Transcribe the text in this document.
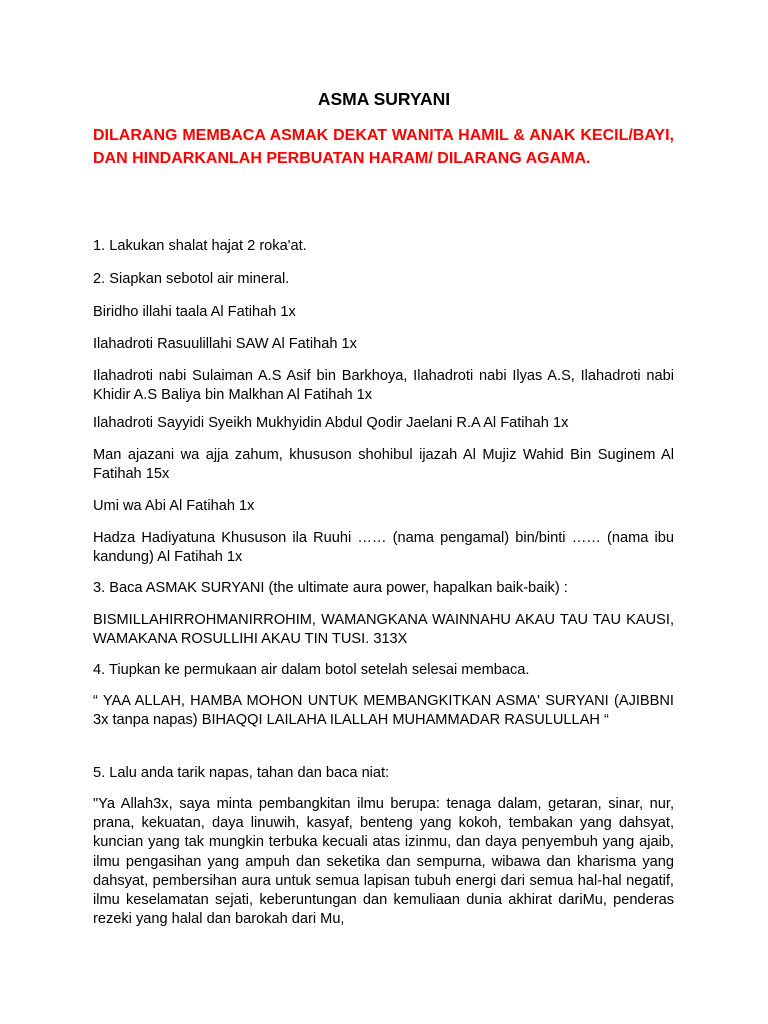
ASMA SURYANI
DILARANG MEMBACA ASMAK DEKAT WANITA HAMIL & ANAK KECIL/BAYI, DAN HINDARKANLAH PERBUATAN HARAM/ DILARANG AGAMA.
1. Lakukan shalat hajat 2 roka'at.
2. Siapkan sebotol air mineral.
Biridho illahi taala Al Fatihah 1x
Ilahadroti Rasuulillahi SAW Al Fatihah 1x
Ilahadroti nabi Sulaiman A.S Asif bin Barkhoya, Ilahadroti nabi Ilyas A.S, Ilahadroti nabi Khidir A.S Baliya bin Malkhan Al Fatihah 1x
Ilahadroti Sayyidi Syeikh Mukhyidin Abdul Qodir Jaelani R.A Al Fatihah 1x
Man ajazani wa ajja zahum, khususon shohibul ijazah Al Mujiz Wahid Bin Suginem Al Fatihah 15x
Umi wa Abi Al Fatihah 1x
Hadza Hadiyatuna Khususon ila Ruuhi …… (nama pengamal) bin/binti …… (nama ibu kandung) Al Fatihah 1x
3. Baca ASMAK SURYANI (the ultimate aura power, hapalkan baik-baik) :
BISMILLAHIRROHMANIRROHIM, WAMANGKANA WAINNAHU AKAU TAU TAU KAUSI, WAMAKANA ROSULLIHI AKAU TIN TUSI. 313X
4. Tiupkan ke permukaan air dalam botol setelah selesai membaca.
“ YAA ALLAH, HAMBA MOHON UNTUK MEMBANGKITKAN ASMA' SURYANI (AJIBBNI 3x tanpa napas) BIHAQQI LAILAHA ILALLAH MUHAMMADAR RASULULLAH “
5. Lalu anda tarik napas, tahan dan baca niat:
"Ya Allah3x, saya minta pembangkitan ilmu berupa: tenaga dalam, getaran, sinar, nur, prana, kekuatan, daya linuwih, kasyaf, benteng yang kokoh, tembakan yang dahsyat, kuncian yang tak mungkin terbuka kecuali atas izinmu, dan daya penyembuh yang ajaib, ilmu pengasihan yang ampuh dan seketika dan sempurna, wibawa dan kharisma yang dahsyat, pembersihan aura untuk semua lapisan tubuh energi dari semua hal-hal negatif, ilmu keselamatan sejati, keberuntungan dan kemuliaan dunia akhirat dariMu, penderas rezeki yang halal dan barokah dari Mu,
